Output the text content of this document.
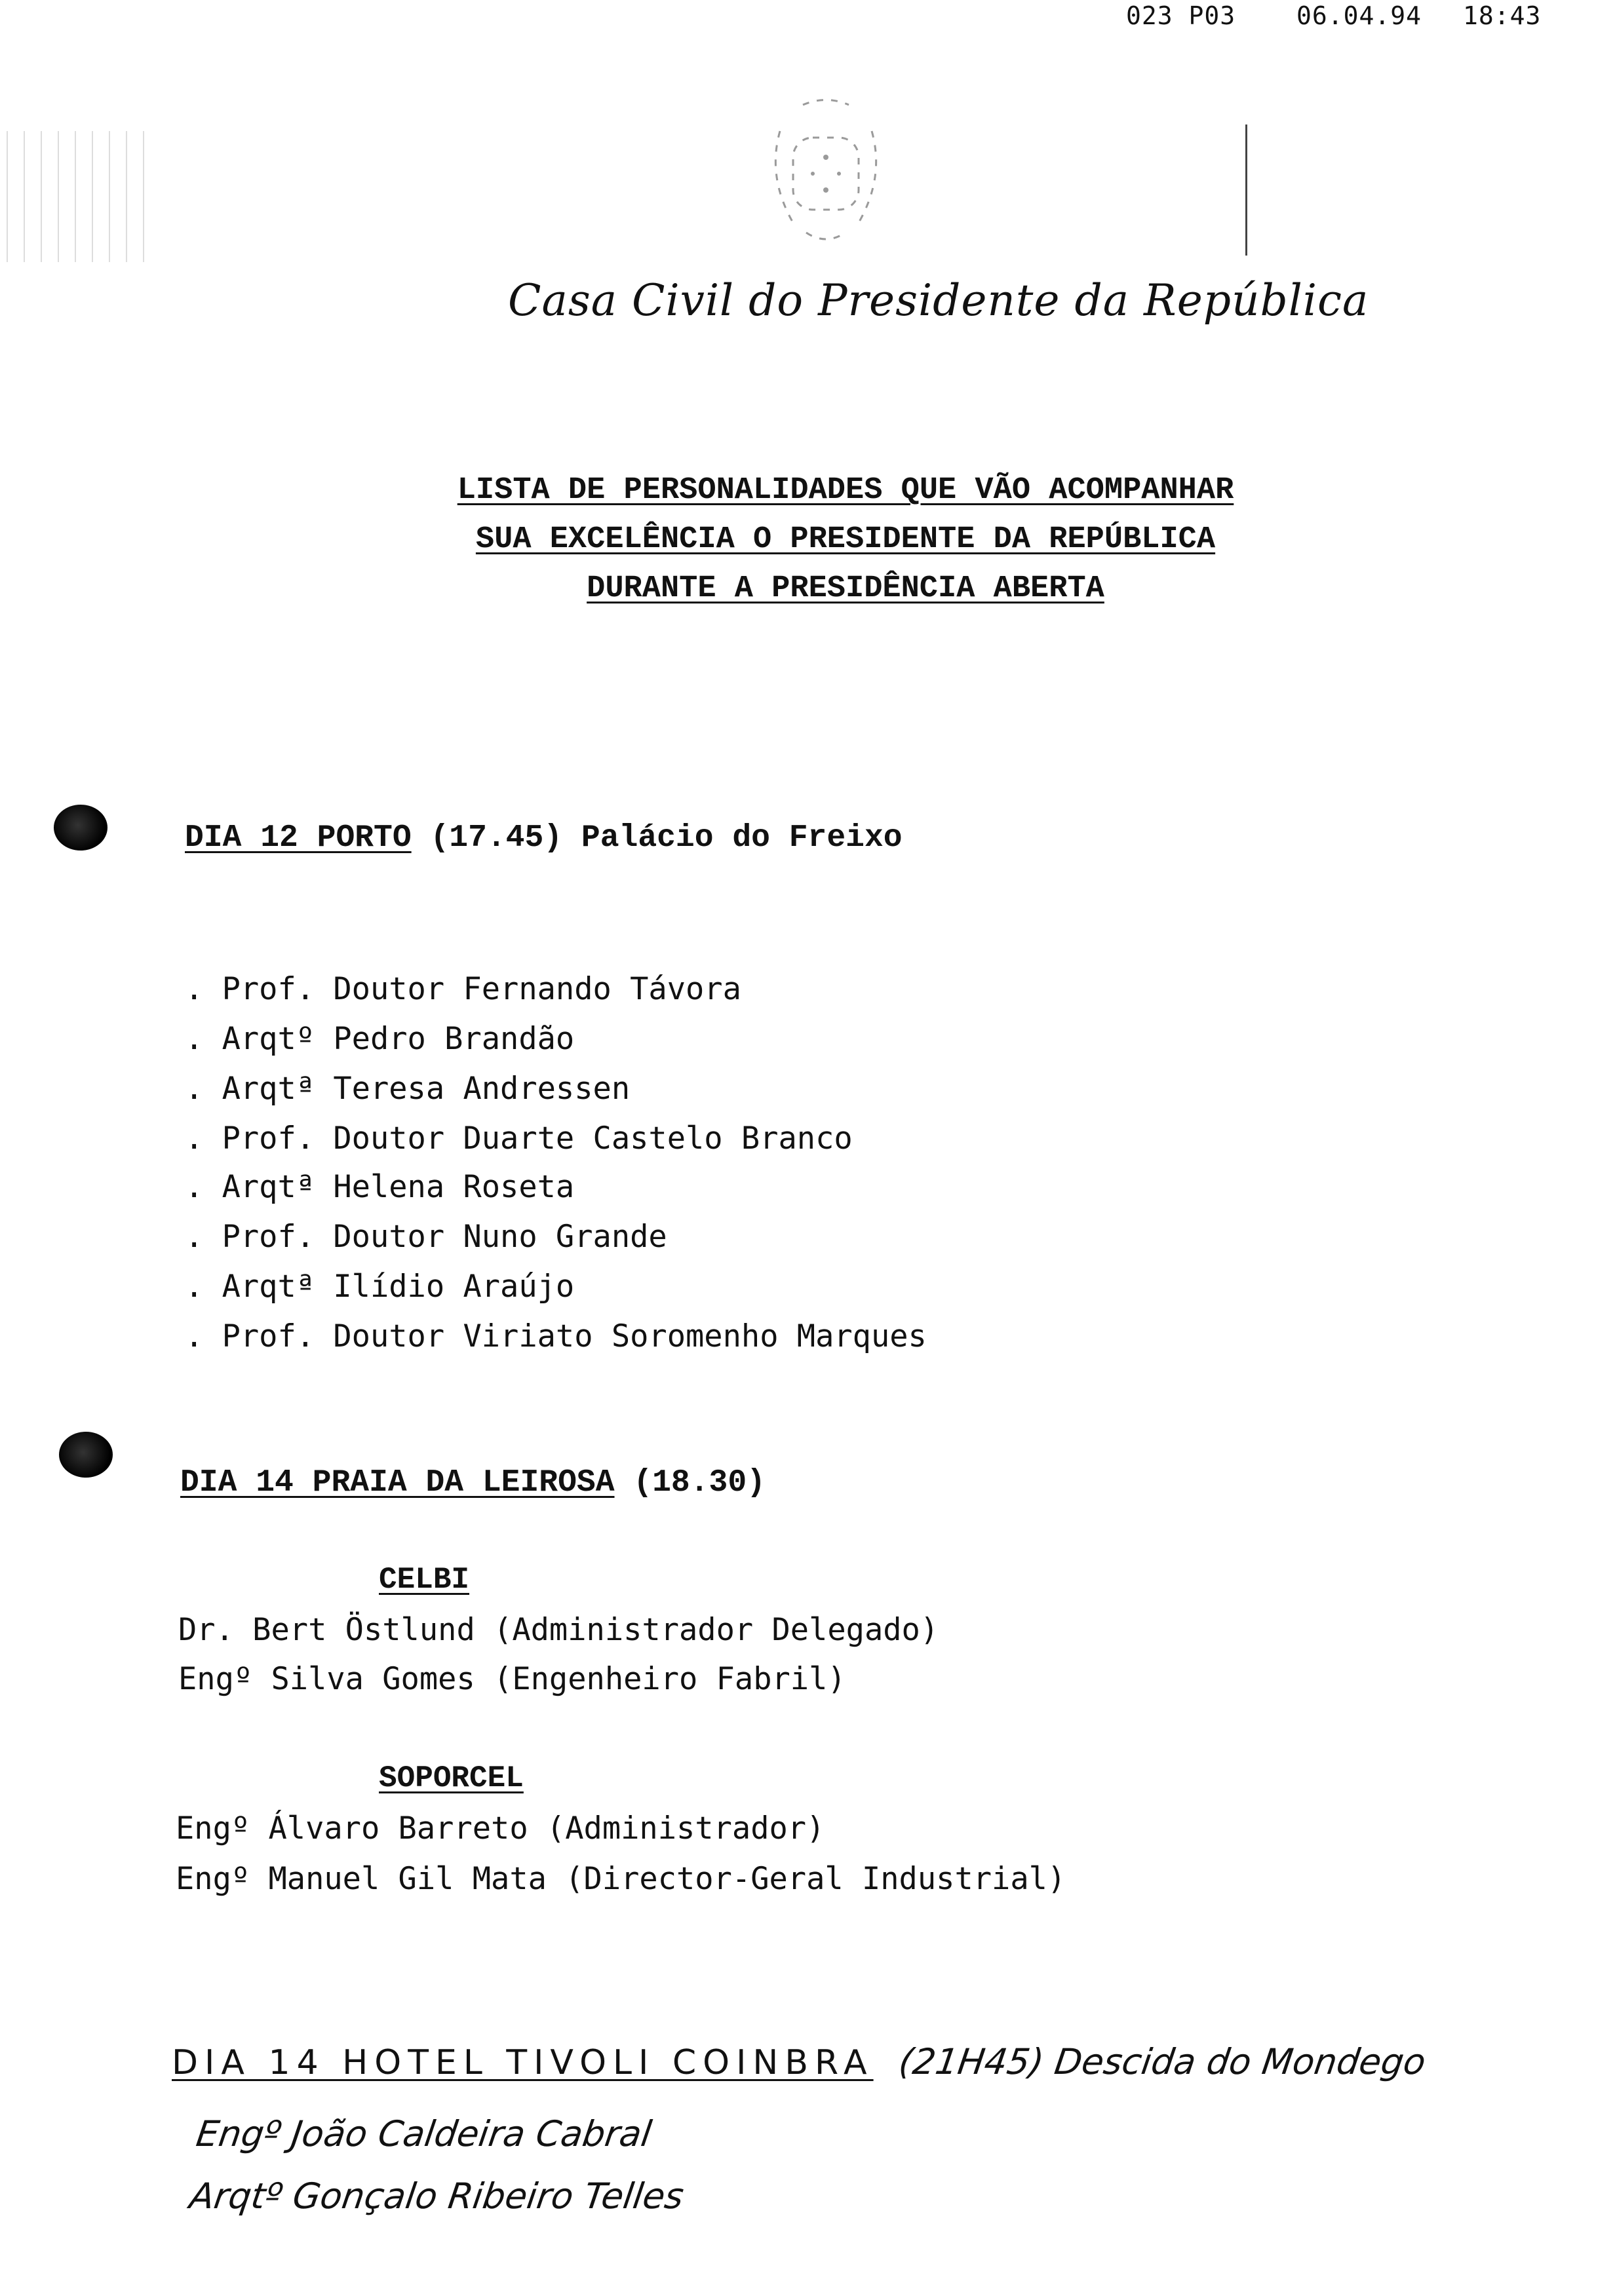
023 P03 06.04.94 18:43
Casa Civil do Presidente da República
LISTA DE PERSONALIDADES QUE VÃO ACOMPANHAR
SUA EXCELÊNCIA O PRESIDENTE DA REPÚBLICA
DURANTE A PRESIDÊNCIA ABERTA
DIA 12 PORTO (17.45) Palácio do Freixo
. Prof. Doutor Fernando Távora
. Arqtº Pedro Brandão
. Arqtª Teresa Andressen
. Prof. Doutor Duarte Castelo Branco
. Arqtª Helena Roseta
. Prof. Doutor Nuno Grande
. Arqtª Ilídio Araújo
. Prof. Doutor Viriato Soromenho Marques
DIA 14 PRAIA DA LEIROSA (18.30)
CELBI
Dr. Bert Östlund (Administrador Delegado)
Engº Silva Gomes (Engenheiro Fabril)
SOPORCEL
Engº Álvaro Barreto (Administrador)
Engº Manuel Gil Mata (Director-Geral Industrial)
DIA 14 HOTEL TIVOLI COINBRA (21H45) Descida do Mondego
Engº João Caldeira Cabral
Arqtº Gonçalo Ribeiro Telles
